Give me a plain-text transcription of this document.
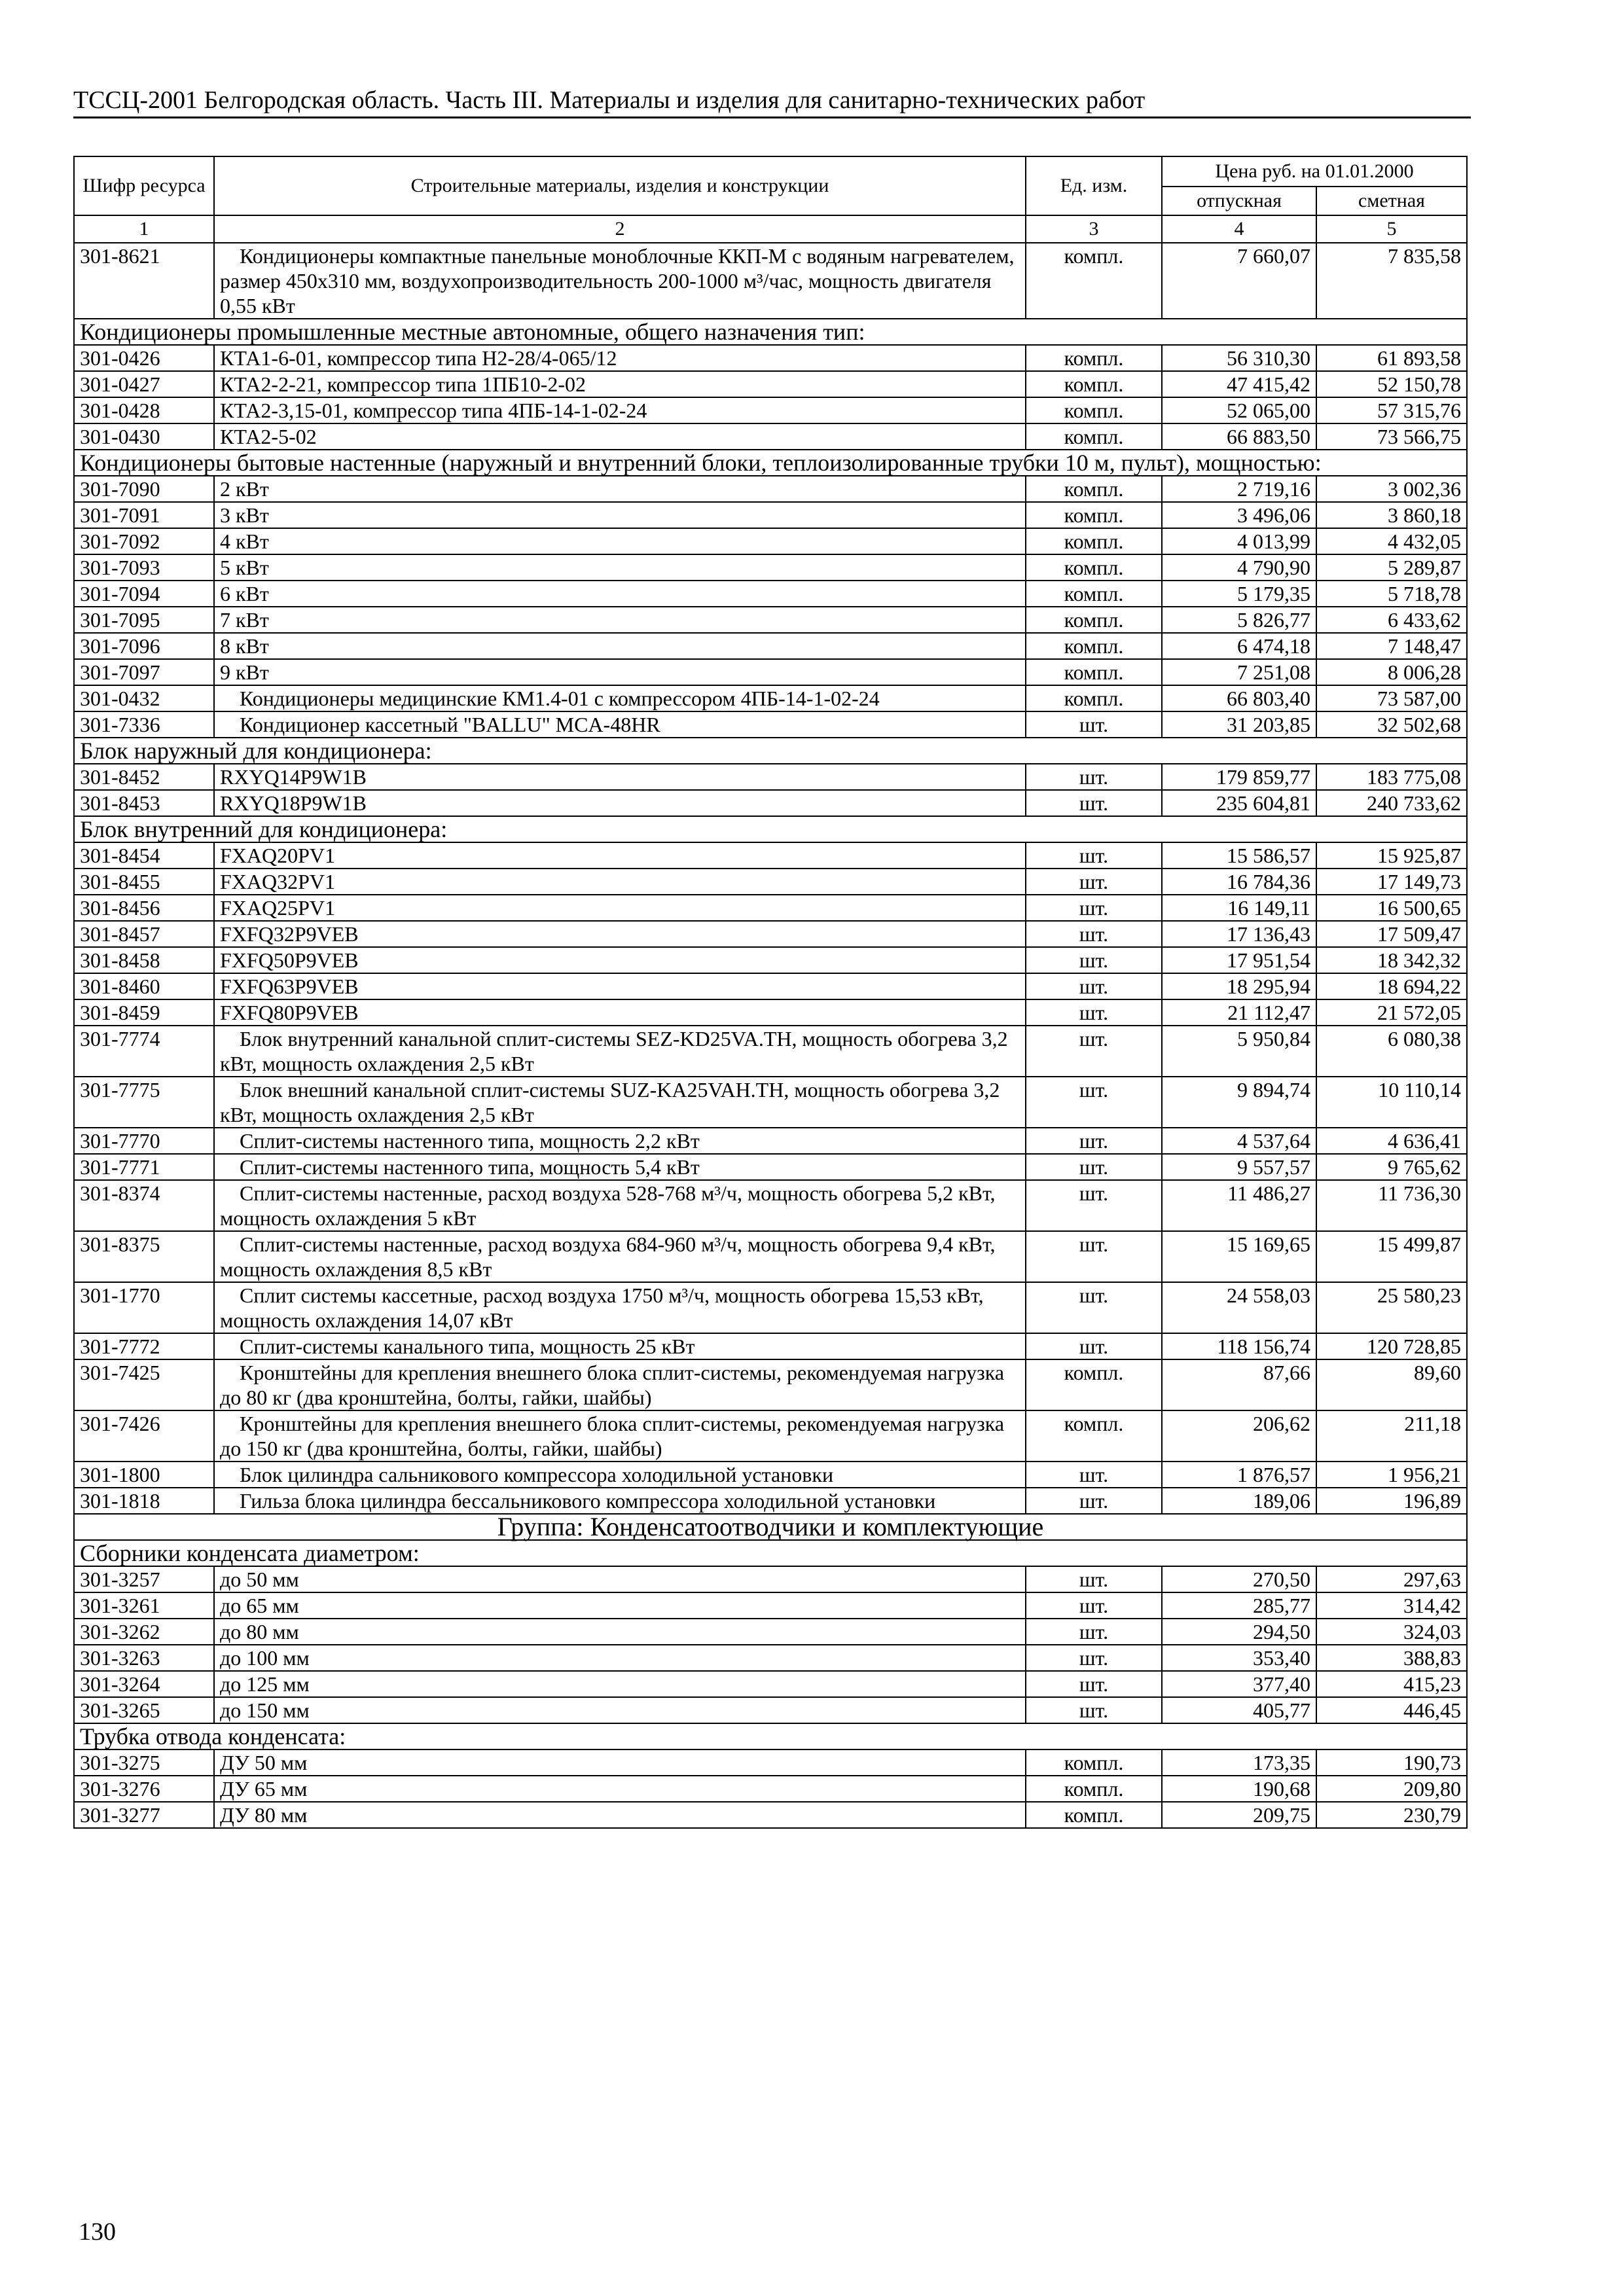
ТССЦ-2001 Белгородская область. Часть III. Материалы и изделия для санитарно-технических работ
Шифр ресурса	Строительные материалы, изделия и конструкции	Ед. изм.	Цена руб. на 01.01.2000	
			отпускная	сметная
1	2	3	4	5
301-8621	Кондиционеры компактные панельные моноблочные ККП-М с водяным нагревателем, размер 450х310 мм, воздухопроизводительность 200-1000 м³/час, мощность двигателя 0,55 кВт	компл.	7 660,07	7 835,58
Кондиционеры промышленные местные автономные, общего назначения тип:				
301-0426	КТА1-6-01, компрессор типа Н2-28/4-065/12	компл.	56 310,30	61 893,58
301-0427	КТА2-2-21, компрессор типа 1ПБ10-2-02	компл.	47 415,42	52 150,78
301-0428	КТА2-3,15-01, компрессор типа 4ПБ-14-1-02-24	компл.	52 065,00	57 315,76
301-0430	КТА2-5-02	компл.	66 883,50	73 566,75
Кондиционеры бытовые настенные (наружный и внутренний блоки, теплоизолированные трубки 10 м, пульт), мощностью:				
301-7090	2 кВт	компл.	2 719,16	3 002,36
301-7091	3 кВт	компл.	3 496,06	3 860,18
301-7092	4 кВт	компл.	4 013,99	4 432,05
301-7093	5 кВт	компл.	4 790,90	5 289,87
301-7094	6 кВт	компл.	5 179,35	5 718,78
301-7095	7 кВт	компл.	5 826,77	6 433,62
301-7096	8 кВт	компл.	6 474,18	7 148,47
301-7097	9 кВт	компл.	7 251,08	8 006,28
301-0432	Кондиционеры медицинские КМ1.4-01 с компрессором 4ПБ-14-1-02-24	компл.	66 803,40	73 587,00
301-7336	Кондиционер кассетный "BALLU" MCA-48HR	шт.	31 203,85	32 502,68
Блок наружный для кондиционера:				
301-8452	RXYQ14P9W1B	шт.	179 859,77	183 775,08
301-8453	RXYQ18P9W1B	шт.	235 604,81	240 733,62
Блок внутренний для кондиционера:				
301-8454	FXAQ20PV1	шт.	15 586,57	15 925,87
301-8455	FXAQ32PV1	шт.	16 784,36	17 149,73
301-8456	FXAQ25PV1	шт.	16 149,11	16 500,65
301-8457	FXFQ32P9VEB	шт.	17 136,43	17 509,47
301-8458	FXFQ50P9VEB	шт.	17 951,54	18 342,32
301-8460	FXFQ63P9VEB	шт.	18 295,94	18 694,22
301-8459	FXFQ80P9VEB	шт.	21 112,47	21 572,05
301-7774	Блок внутренний канальной сплит-системы SEZ-KD25VA.TH, мощность обогрева 3,2 кВт, мощность охлаждения 2,5 кВт	шт.	5 950,84	6 080,38
301-7775	Блок внешний канальной сплит-системы SUZ-KA25VAH.TH, мощность обогрева 3,2 кВт, мощность охлаждения 2,5 кВт	шт.	9 894,74	10 110,14
301-7770	Сплит-системы настенного типа, мощность 2,2 кВт	шт.	4 537,64	4 636,41
301-7771	Сплит-системы настенного типа, мощность 5,4 кВт	шт.	9 557,57	9 765,62
301-8374	Сплит-системы настенные, расход воздуха 528-768 м³/ч, мощность обогрева 5,2 кВт, мощность охлаждения 5 кВт	шт.	11 486,27	11 736,30
301-8375	Сплит-системы настенные, расход воздуха 684-960 м³/ч, мощность обогрева 9,4 кВт, мощность охлаждения 8,5 кВт	шт.	15 169,65	15 499,87
301-1770	Сплит системы кассетные, расход воздуха 1750 м³/ч, мощность обогрева 15,53 кВт, мощность охлаждения 14,07 кВт	шт.	24 558,03	25 580,23
301-7772	Сплит-системы канального типа, мощность 25 кВт	шт.	118 156,74	120 728,85
301-7425	Кронштейны для крепления внешнего блока сплит-системы, рекомендуемая нагрузка до 80 кг (два кронштейна, болты, гайки, шайбы)	компл.	87,66	89,60
301-7426	Кронштейны для крепления внешнего блока сплит-системы, рекомендуемая нагрузка до 150 кг (два кронштейна, болты, гайки, шайбы)	компл.	206,62	211,18
301-1800	Блок цилиндра сальникового компрессора холодильной установки	шт.	1 876,57	1 956,21
301-1818	Гильза блока цилиндра бессальникового компрессора холодильной установки	шт.	189,06	196,89
Группа: Конденсатоотводчики и комплектующие				
Сборники конденсата диаметром:				
301-3257	до 50 мм	шт.	270,50	297,63
301-3261	до 65 мм	шт.	285,77	314,42
301-3262	до 80 мм	шт.	294,50	324,03
301-3263	до 100 мм	шт.	353,40	388,83
301-3264	до 125 мм	шт.	377,40	415,23
301-3265	до 150 мм	шт.	405,77	446,45
Трубка отвода конденсата:				
301-3275	ДУ 50 мм	компл.	173,35	190,73
301-3276	ДУ 65 мм	компл.	190,68	209,80
301-3277	ДУ 80 мм	компл.	209,75	230,79
130
